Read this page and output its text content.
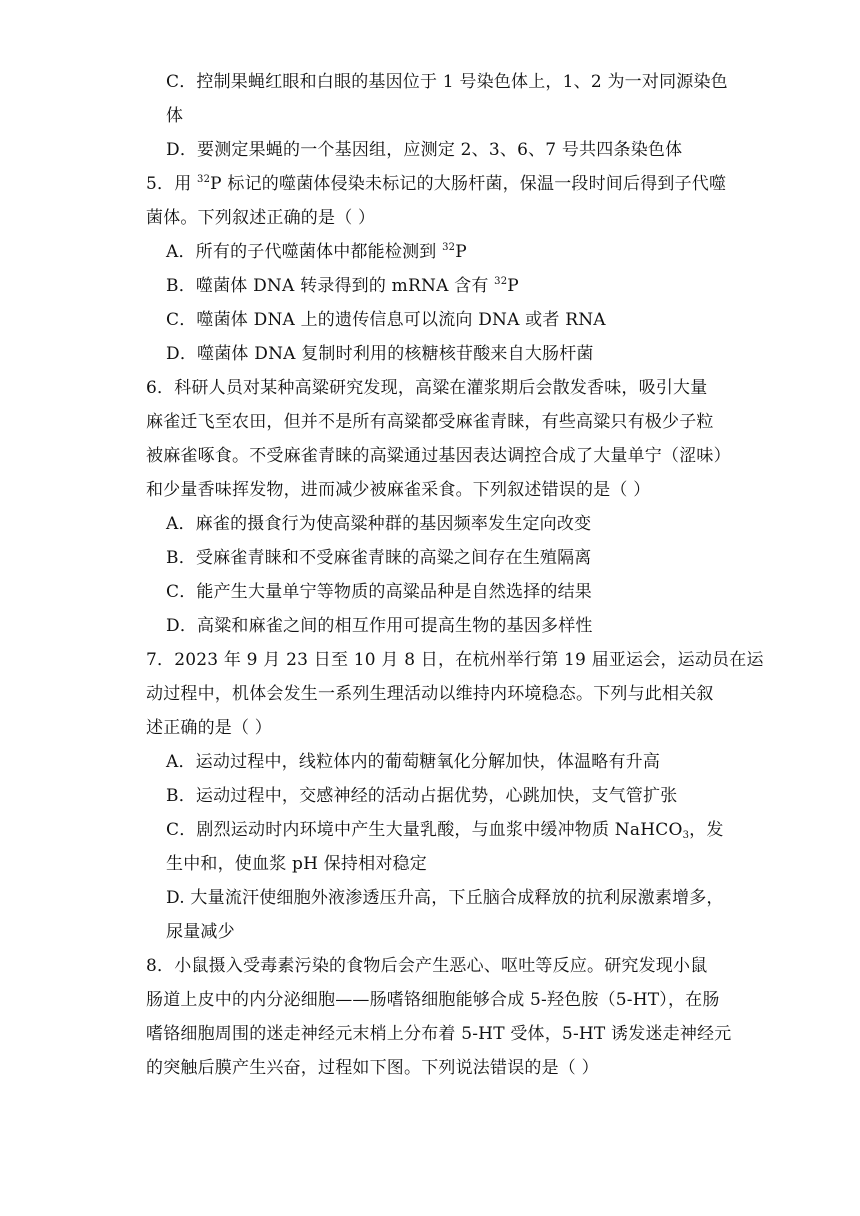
C．控制果蝇红眼和白眼的基因位于 1 号染色体上，1、2 为一对同源染色
体
D．要测定果蝇的一个基因组，应测定 2、3、6、7 号共四条染色体
5．用 $^{32}$P 标记的噬菌体侵染未标记的大肠杆菌，保温一段时间后得到子代噬
菌体。下列叙述正确的是（ ）
A．所有的子代噬菌体中都能检测到 $^{32}$P
B．噬菌体 DNA 转录得到的 mRNA 含有 $^{32}$P
C．噬菌体 DNA 上的遗传信息可以流向 DNA 或者 RNA
D．噬菌体 DNA 复制时利用的核糖核苷酸来自大肠杆菌
6．科研人员对某种高粱研究发现，高粱在灌浆期后会散发香味，吸引大量
麻雀迁飞至农田，但并不是所有高粱都受麻雀青睐，有些高粱只有极少子粒
被麻雀啄食。不受麻雀青睐的高粱通过基因表达调控合成了大量单宁（涩味）
和少量香味挥发物，进而减少被麻雀采食。下列叙述错误的是（ ）
A．麻雀的摄食行为使高粱种群的基因频率发生定向改变
B．受麻雀青睐和不受麻雀青睐的高粱之间存在生殖隔离
C．能产生大量单宁等物质的高粱品种是自然选择的结果
D．高粱和麻雀之间的相互作用可提高生物的基因多样性
7．2023 年 9 月 23 日至 10 月 8 日，在杭州举行第 19 届亚运会，运动员在运
动过程中，机体会发生一系列生理活动以维持内环境稳态。下列与此相关叙
述正确的是（ ）
A．运动过程中，线粒体内的葡萄糖氧化分解加快，体温略有升高
B．运动过程中，交感神经的活动占据优势，心跳加快，支气管扩张
C．剧烈运动时内环境中产生大量乳酸，与血浆中缓冲物质 NaHCO$_3$，发
生中和，使血浆 pH 保持相对稳定
D. 大量流汗使细胞外液渗透压升高，下丘脑合成释放的抗利尿激素增多，
尿量减少
8．小鼠摄入受毒素污染的食物后会产生恶心、呕吐等反应。研究发现小鼠
肠道上皮中的内分泌细胞——肠嗜铬细胞能够合成 5-羟色胺（5-HT），在肠
嗜铬细胞周围的迷走神经元末梢上分布着 5-HT 受体，5-HT 诱发迷走神经元
的突触后膜产生兴奋，过程如下图。下列说法错误的是（ ）
